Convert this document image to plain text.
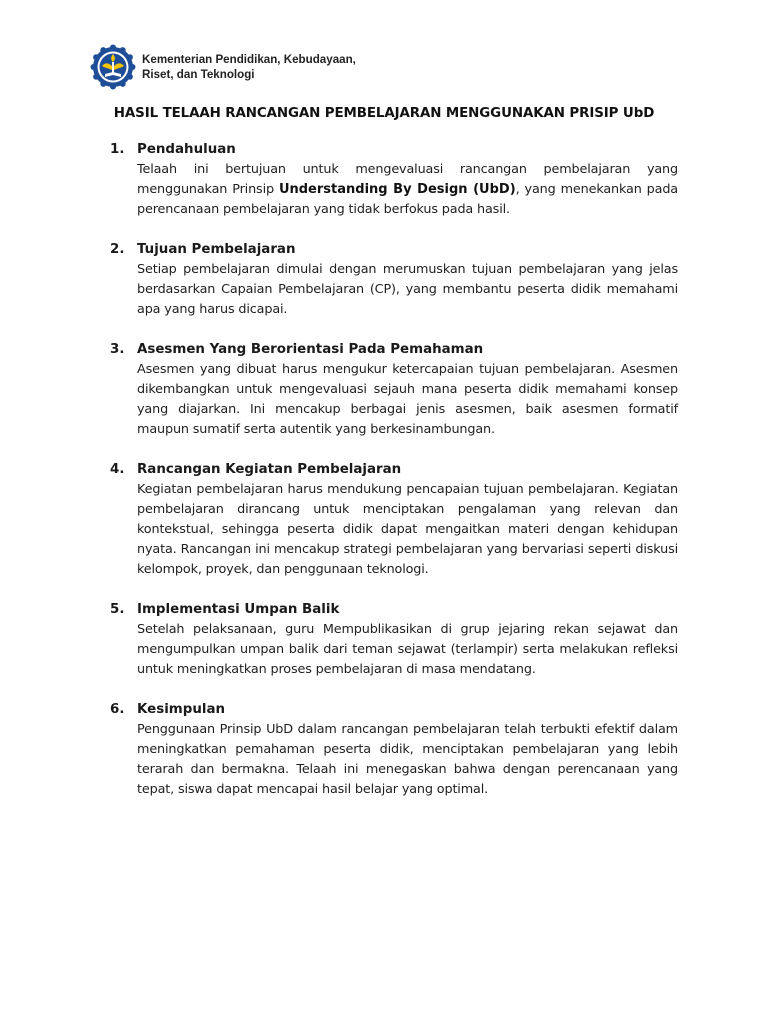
Kementerian Pendidikan, Kebudayaan,
Riset, dan Teknologi
HASIL TELAAH RANCANGAN PEMBELAJARAN MENGGUNAKAN PRISIP UbD
1. Pendahuluan
Telaah ini bertujuan untuk mengevaluasi rancangan pembelajaran yang menggunakan Prinsip Understanding By Design (UbD), yang menekankan pada perencanaan pembelajaran yang tidak berfokus pada hasil.
2. Tujuan Pembelajaran
Setiap pembelajaran dimulai dengan merumuskan tujuan pembelajaran yang jelas berdasarkan Capaian Pembelajaran (CP), yang membantu peserta didik memahami apa yang harus dicapai.
3. Asesmen Yang Berorientasi Pada Pemahaman
Asesmen yang dibuat harus mengukur ketercapaian tujuan pembelajaran. Asesmen dikembangkan untuk mengevaluasi sejauh mana peserta didik memahami konsep yang diajarkan. Ini mencakup berbagai jenis asesmen, baik asesmen formatif maupun sumatif serta autentik yang berkesinambungan.
4. Rancangan Kegiatan Pembelajaran
Kegiatan pembelajaran harus mendukung pencapaian tujuan pembelajaran. Kegiatan pembelajaran dirancang untuk menciptakan pengalaman yang relevan dan kontekstual, sehingga peserta didik dapat mengaitkan materi dengan kehidupan nyata. Rancangan ini mencakup strategi pembelajaran yang bervariasi seperti diskusi kelompok, proyek, dan penggunaan teknologi.
5. Implementasi Umpan Balik
Setelah pelaksanaan, guru Mempublikasikan di grup jejaring rekan sejawat dan mengumpulkan umpan balik dari teman sejawat (terlampir) serta melakukan refleksi untuk meningkatkan proses pembelajaran di masa mendatang.
6. Kesimpulan
Penggunaan Prinsip UbD dalam rancangan pembelajaran telah terbukti efektif dalam meningkatkan pemahaman peserta didik, menciptakan pembelajaran yang lebih terarah dan bermakna. Telaah ini menegaskan bahwa dengan perencanaan yang tepat, siswa dapat mencapai hasil belajar yang optimal.
